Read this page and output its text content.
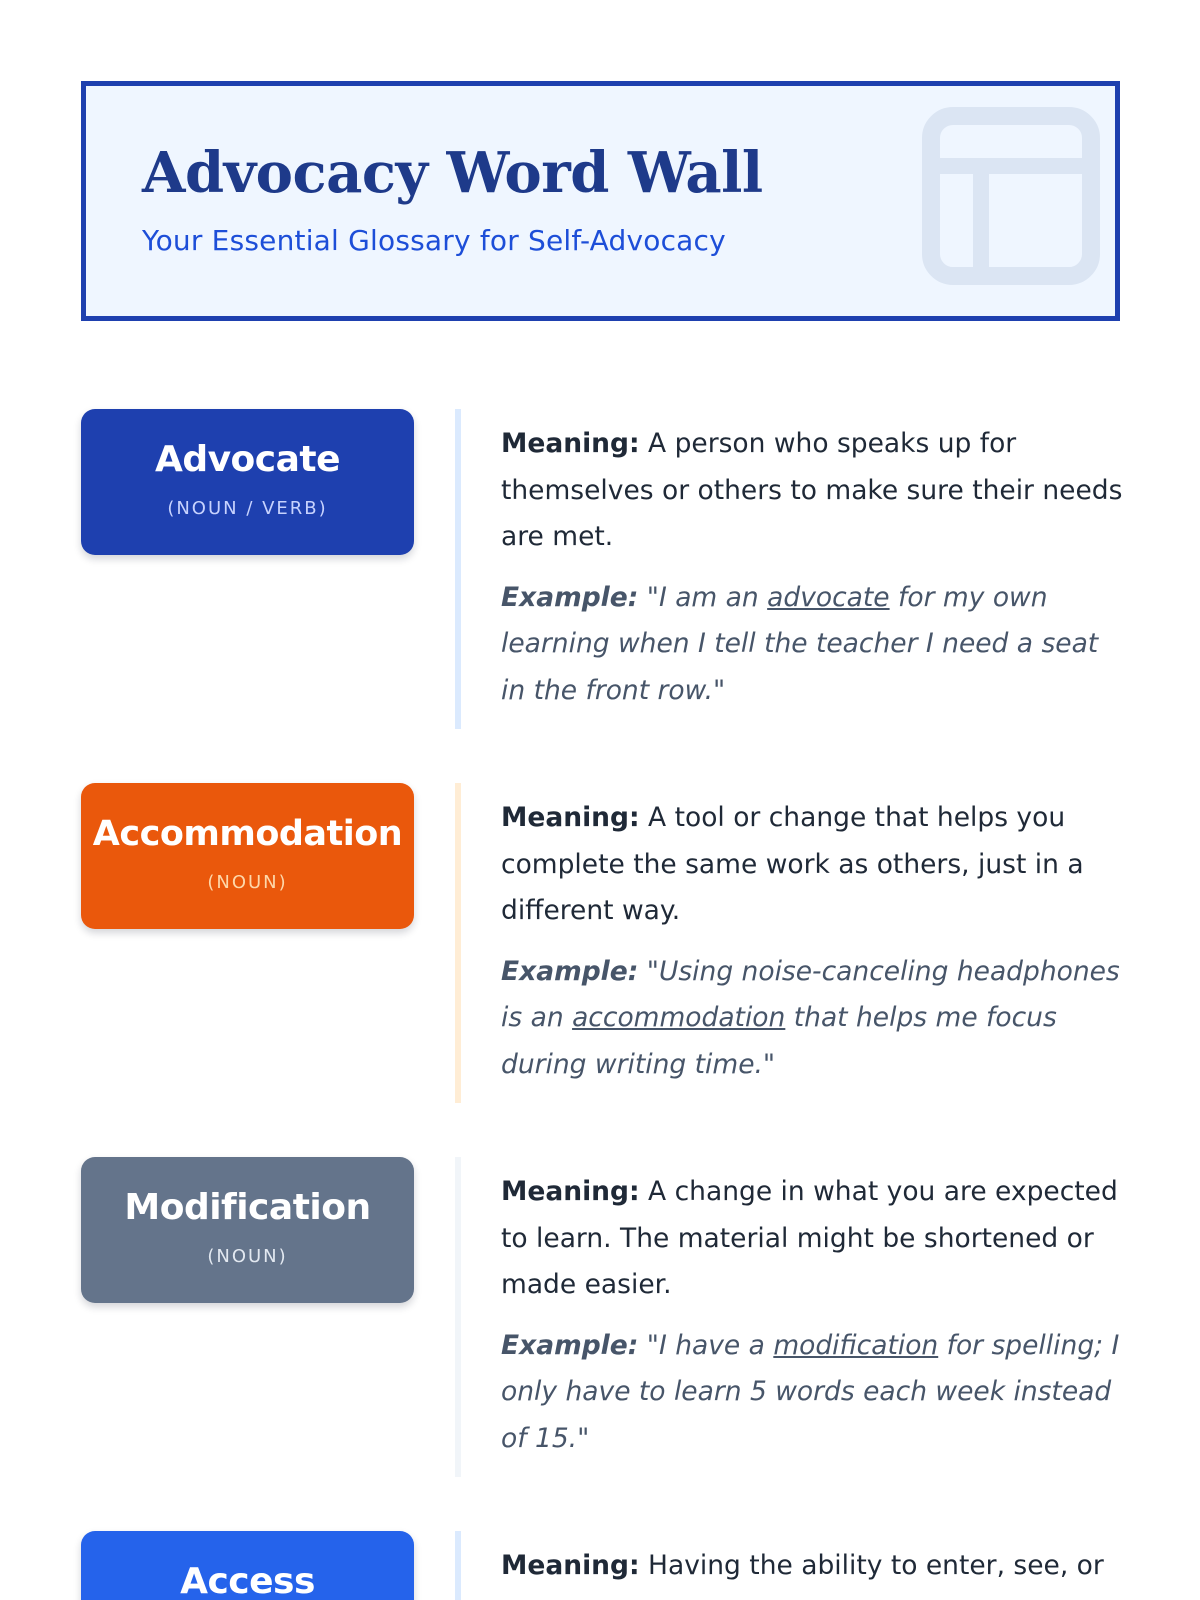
Advocacy Word Wall

Your Essential Glossary for Self-Advocacy

Advocate
(NOUN / VERB)

Meaning: A person who speaks up for themselves or others to make sure their needs are met.

Example: "I am an advocate for my own learning when I tell the teacher I need a seat in the front row."

Accommodation
(NOUN)

Meaning: A tool or change that helps you complete the same work as others, just in a different way.

Example: "Using noise-canceling headphones is an accommodation that helps me focus during writing time."

Modification
(NOUN)

Meaning: A change in what you are expected to learn. The material might be shortened or made easier.

Example: "I have a modification for spelling; I only have to learn 5 words each week instead of 15."

Access	Meaning: Having the ability to enter, see, or
